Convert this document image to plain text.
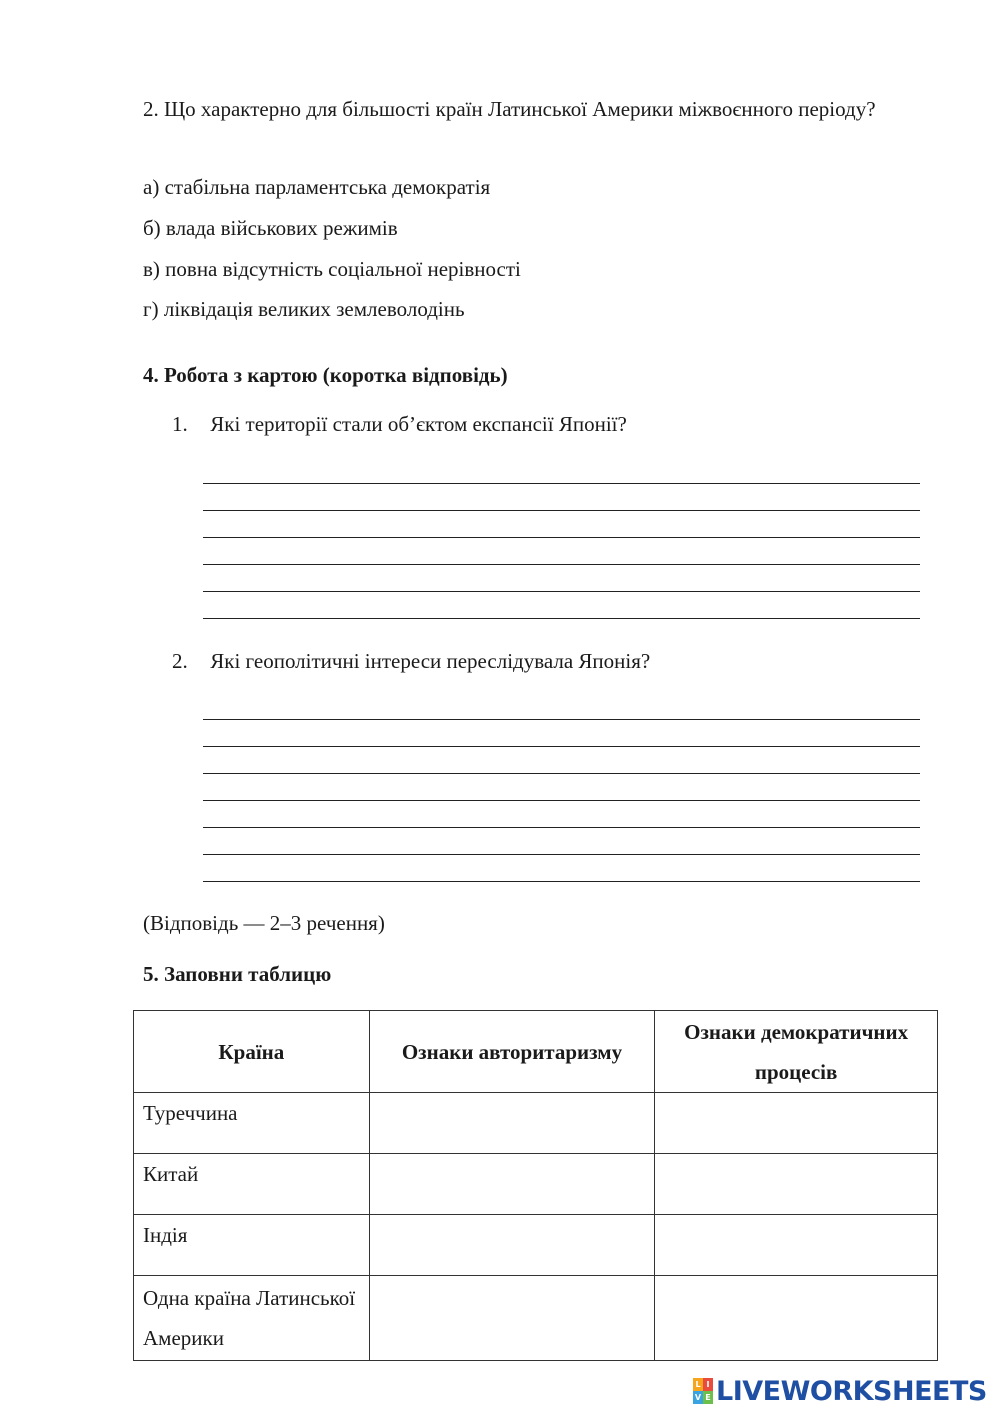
2. Що характерно для більшості країн Латинської Америки міжвоєнного періоду?
а) стабільна парламентська демократія
б) влада військових режимів
в) повна відсутність соціальної нерівності
г) ліквідація великих землеволодінь
4. Робота з картою (коротка відповідь)
1. Які території стали об’єктом експансії Японії?
2. Які геополітичні інтереси переслідувала Японія?
(Відповідь — 2–3 речення)
5. Заповни таблицю
Країна	Ознаки авторитаризму	Ознаки демократичних процесів
Туреччина		
Китай		
Індія		
Одна країна Латинської Америки		
L I
V E LIVEWORKSHEETS
